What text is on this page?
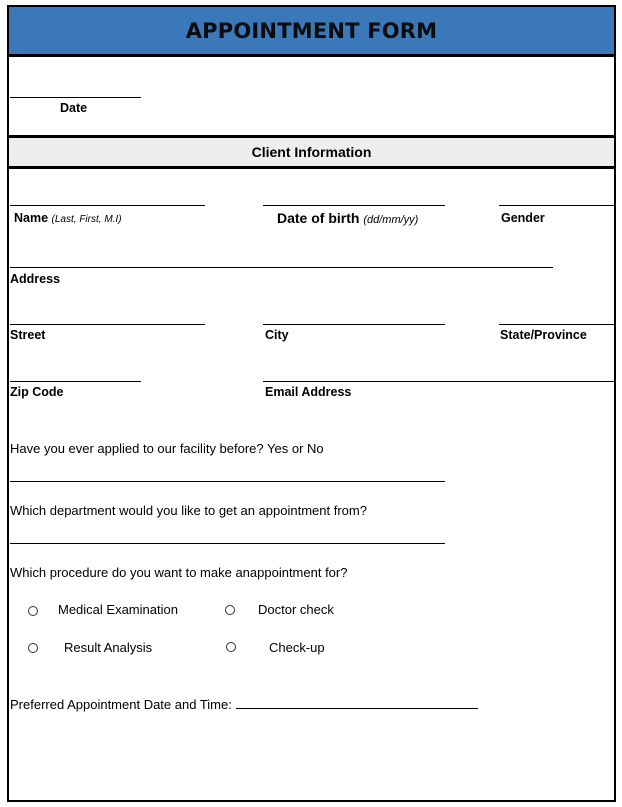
APPOINTMENT FORM
Date
Client Information
Name (Last, First, M.I)	Date of birth (dd/mm/yy)	Gender
Address
Street	City	State/Province
Zip Code	Email Address
Have you ever applied to our facility before? Yes or No
Which department would you like to get an appointment from?
Which procedure do you want to make anappointment for?
Medical Examination	Doctor check
Result Analysis	Check-up
Preferred Appointment Date and Time:
